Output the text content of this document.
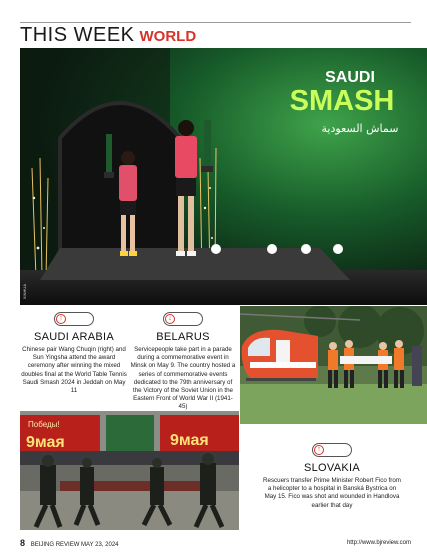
THIS WEEK WORLD
SAUDI
SMASH
سماش السعودية
XINHUA
↑
SAUDI ARABIA
Chinese pair Wang Chuqin (right) and Sun Yingsha attend the award ceremony after winning the mixed doubles final at the World Table Tennis Saudi Smash 2024 in Jeddah on May 11
↓
BELARUS
Servicepeople take part in a parade during a commemorative event in Minsk on May 9. The country hosted a series of commemorative events dedicated to the 79th anniversary of the Victory of the Soviet Union in the Eastern Front of World War II (1941-45)
Победы!
9мая	9мая
↑
SLOVAKIA
Rescuers transfer Prime Minister Robert Fico from a helicopter to a hospital in Banská Bystrica on May 15. Fico was shot and wounded in Handlova earlier that day
8 BEIJING REVIEW MAY 23, 2024	http://www.bjreview.com
